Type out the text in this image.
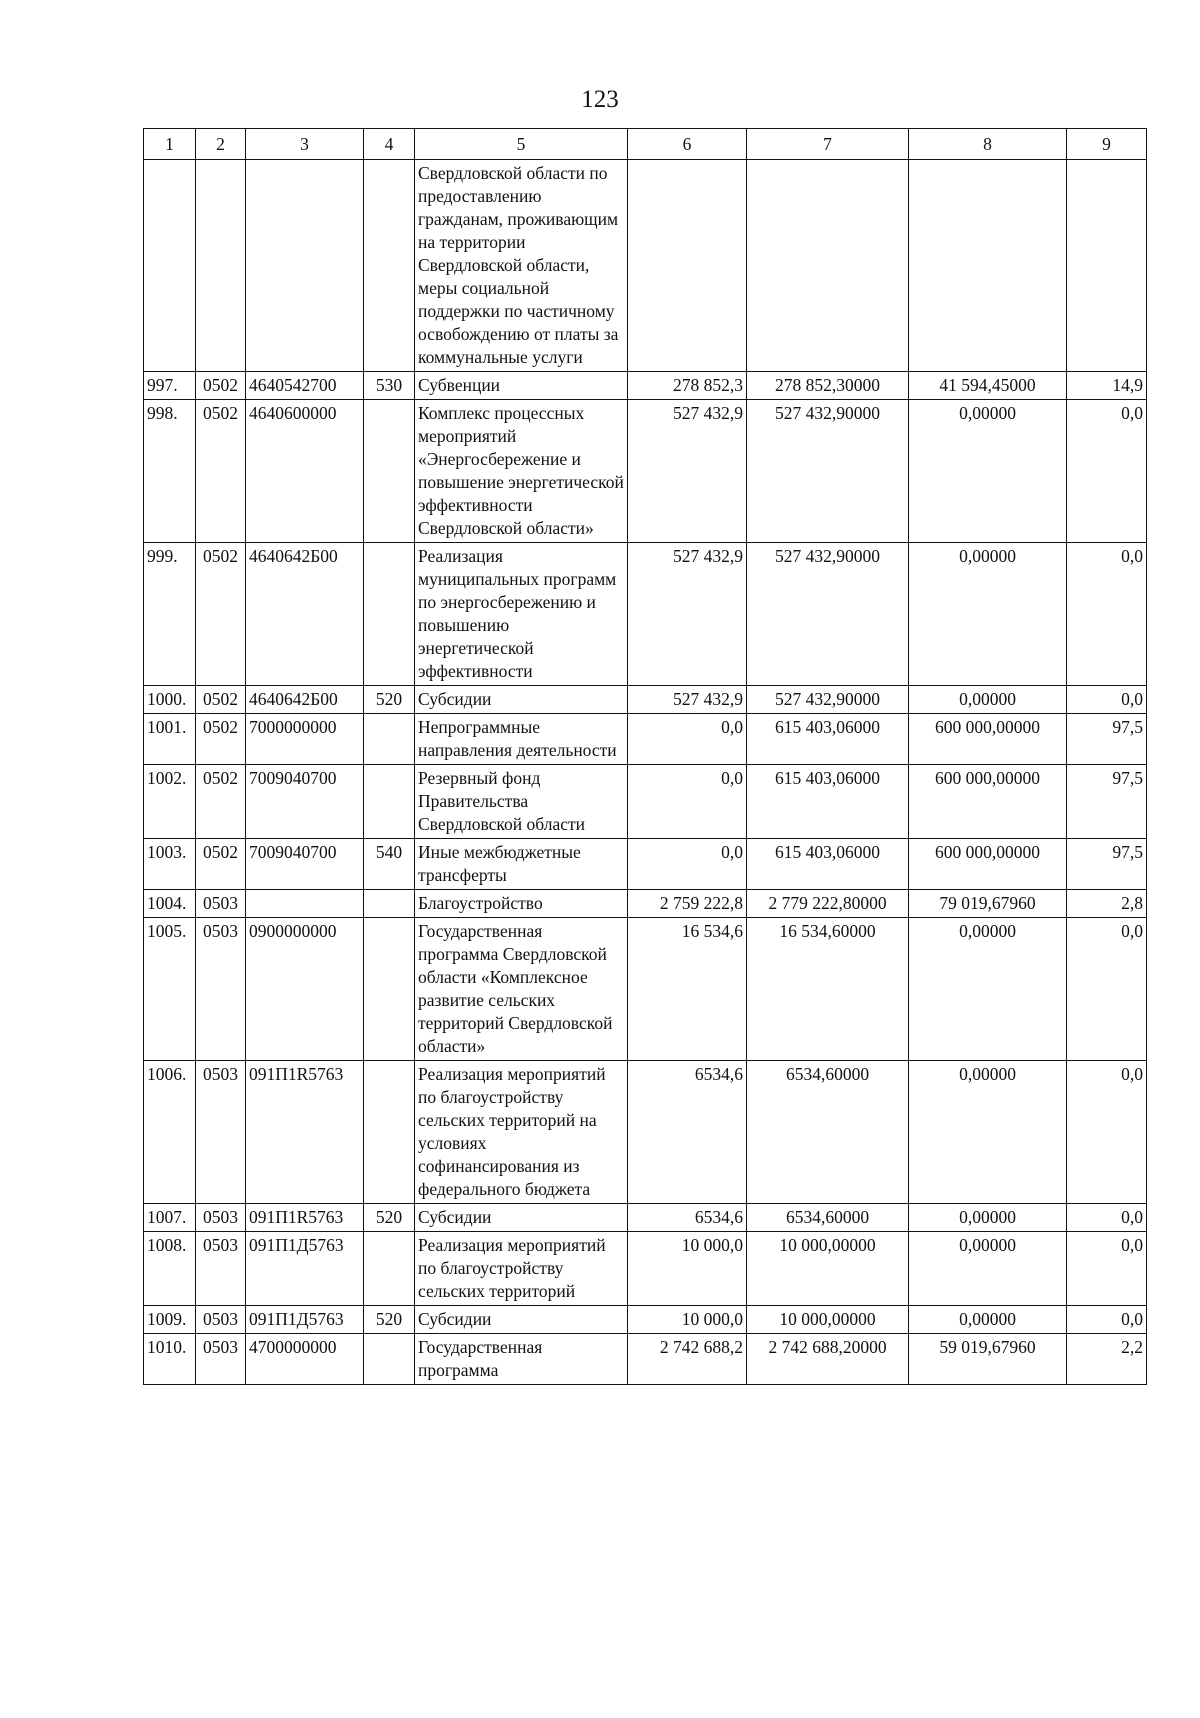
123
1	2	3	4	5	6	7	8	9
				Свердловской области по предоставлению гражданам, проживающим на территории Свердловской области, меры социальной поддержки по частичному освобождению от платы за коммунальные услуги				
997.	0502	4640542700	530	Субвенции	278 852,3	278 852,30000	41 594,45000	14,9
998.	0502	4640600000		Комплекс процессных мероприятий «Энергосбережение и повышение энергетической эффективности Свердловской области»	527 432,9	527 432,90000	0,00000	0,0
999.	0502	4640642Б00		Реализация муниципальных программ по энергосбережению и повышению энергетической эффективности	527 432,9	527 432,90000	0,00000	0,0
1000.	0502	4640642Б00	520	Субсидии	527 432,9	527 432,90000	0,00000	0,0
1001.	0502	7000000000		Непрограммные направления деятельности	0,0	615 403,06000	600 000,00000	97,5
1002.	0502	7009040700		Резервный фонд Правительства Свердловской области	0,0	615 403,06000	600 000,00000	97,5
1003.	0502	7009040700	540	Иные межбюджетные трансферты	0,0	615 403,06000	600 000,00000	97,5
1004.	0503			Благоустройство	2 759 222,8	2 779 222,80000	79 019,67960	2,8
1005.	0503	0900000000		Государственная программа Свердловской области «Комплексное развитие сельских территорий Свердловской области»	16 534,6	16 534,60000	0,00000	0,0
1006.	0503	091П1R5763		Реализация мероприятий по благоустройству сельских территорий на условиях софинансирования из федерального бюджета	6534,6	6534,60000	0,00000	0,0
1007.	0503	091П1R5763	520	Субсидии	6534,6	6534,60000	0,00000	0,0
1008.	0503	091П1Д5763		Реализация мероприятий по благоустройству сельских территорий	10 000,0	10 000,00000	0,00000	0,0
1009.	0503	091П1Д5763	520	Субсидии	10 000,0	10 000,00000	0,00000	0,0
1010.	0503	4700000000		Государственная программа	2 742 688,2	2 742 688,20000	59 019,67960	2,2
